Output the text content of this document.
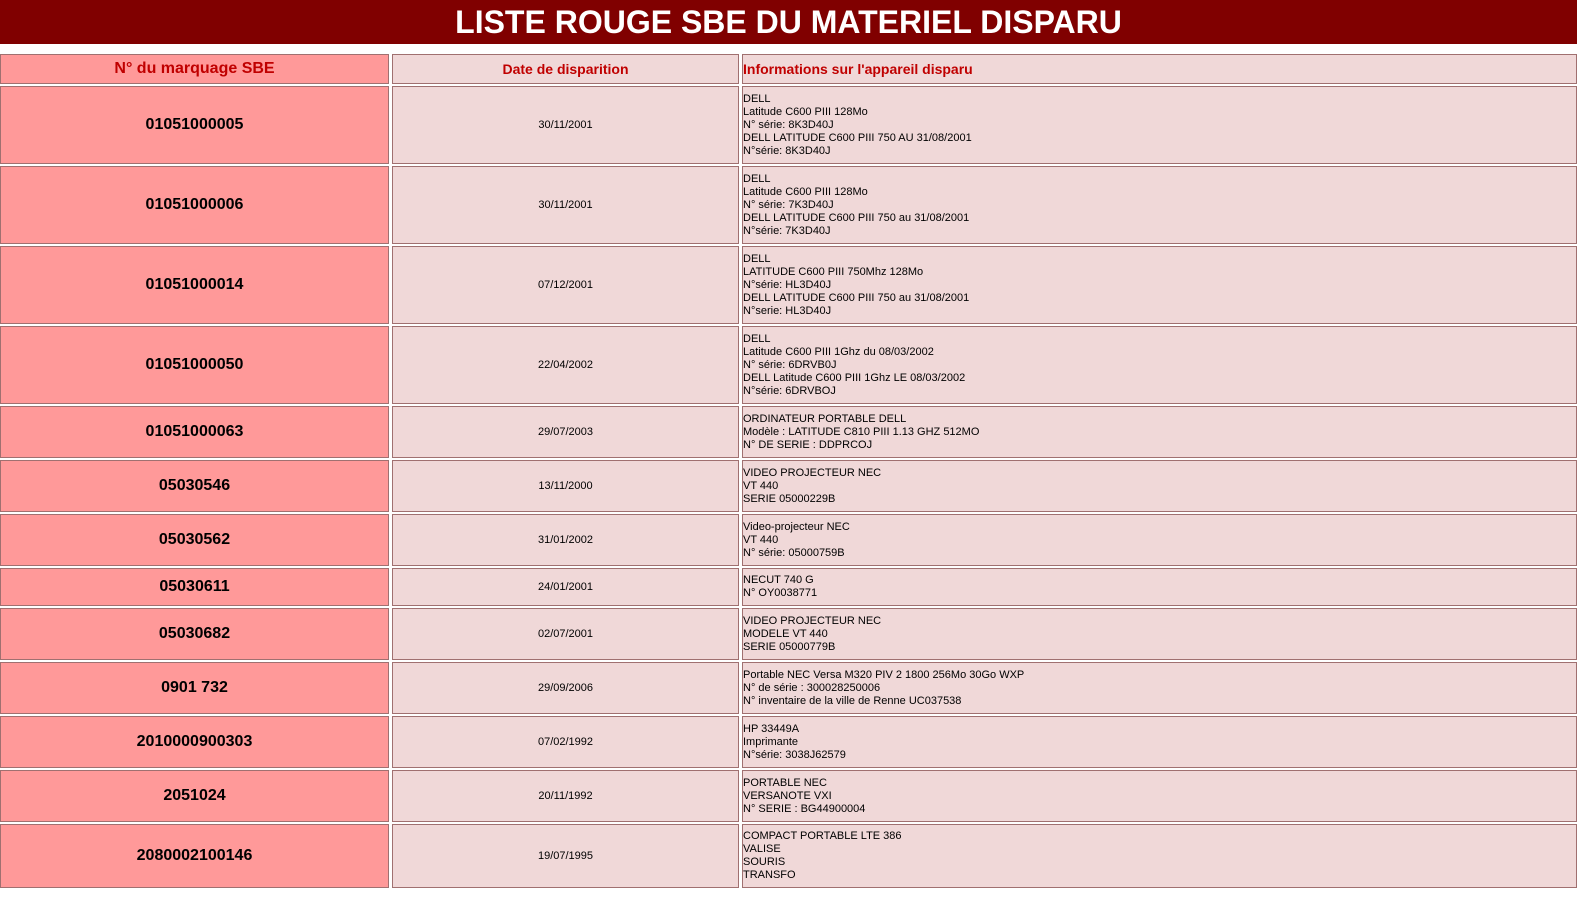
LISTE ROUGE SBE DU MATERIEL DISPARU
N° du marquage SBE	Date de disparition	Informations sur l'appareil disparu
01051000005	30/11/2001	DELL
Latitude C600 PIII 128Mo
N° série: 8K3D40J
DELL LATITUDE C600 PIII 750 AU 31/08/2001
N°série: 8K3D40J

01051000006	30/11/2001	DELL
Latitude C600 PIII 128Mo
N° série: 7K3D40J
DELL LATITUDE C600 PIII 750 au 31/08/2001
N°série: 7K3D40J

01051000014	07/12/2001	DELL
LATITUDE C600 PIII 750Mhz 128Mo
N°série: HL3D40J
DELL LATITUDE C600 PIII 750 au 31/08/2001
N°serie: HL3D40J

01051000050	22/04/2002	DELL
Latitude C600 PIII 1Ghz du 08/03/2002
N° série: 6DRVB0J
DELL Latitude C600 PIII 1Ghz LE 08/03/2002
N°série: 6DRVBOJ

01051000063	29/07/2003	ORDINATEUR PORTABLE DELL
Modèle : LATITUDE C810 PIII 1.13 GHZ 512MO
N° DE SERIE : DDPRCOJ

05030546	13/11/2000	VIDEO PROJECTEUR NEC
VT 440
SERIE 05000229B

05030562	31/01/2002	Video-projecteur NEC
VT 440
N° série: 05000759B

05030611	24/01/2001	NECUT 740 G
N° OY0038771

05030682	02/07/2001	VIDEO PROJECTEUR NEC
MODELE VT 440
SERIE 05000779B

0901 732	29/09/2006	Portable NEC Versa M320 PIV 2 1800 256Mo 30Go WXP
N° de série : 300028250006
N° inventaire de la ville de Renne UC037538

2010000900303	07/02/1992	HP 33449A
Imprimante
N°série: 3038J62579

2051024	20/11/1992	PORTABLE NEC
VERSANOTE VXI
N° SERIE : BG44900004

2080002100146	19/07/1995	COMPACT PORTABLE LTE 386
VALISE
SOURIS
TRANSFO
